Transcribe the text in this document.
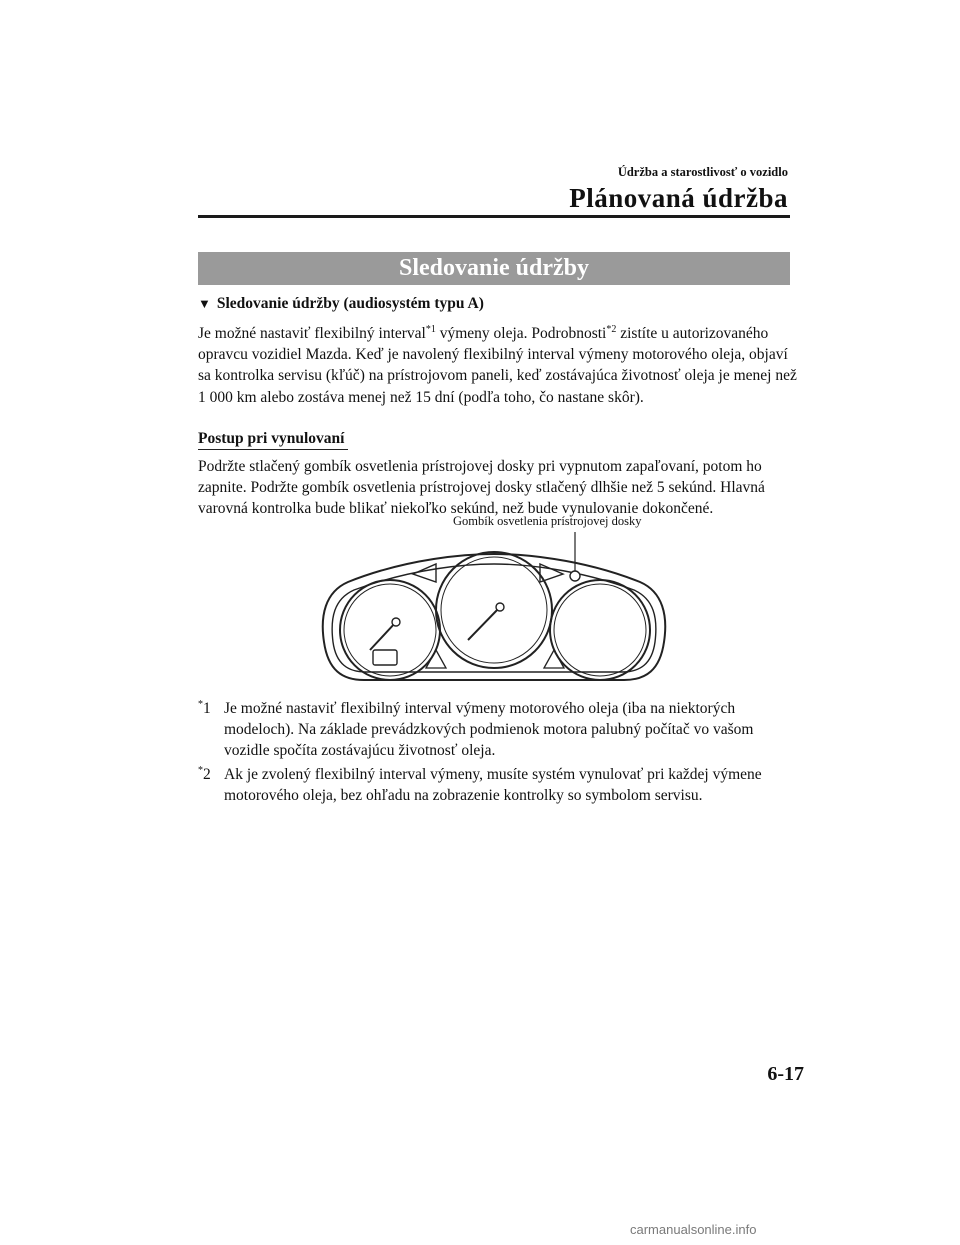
Údržba a starostlivosť o vozidlo
Plánovaná údržba
Sledovanie údržby
▼ Sledovanie údržby (audiosystém typu A)
Je možné nastaviť flexibilný interval$^{*1}$ výmeny oleja. Podrobnosti$^{*2}$ zistíte u autorizovaného opravcu vozidiel Mazda. Keď je navolený flexibilný interval výmeny motorového oleja, objaví sa kontrolka servisu (kľúč) na prístrojovom paneli, keď zostávajúca životnosť oleja je menej než 1 000 km alebo zostáva menej než 15 dní (podľa toho, čo nastane skôr).
Postup pri vynulovaní
Podržte stlačený gombík osvetlenia prístrojovej dosky pri vypnutom zapaľovaní, potom ho zapnite. Podržte gombík osvetlenia prístrojovej dosky stlačený dlhšie než 5 sekúnd. Hlavná varovná kontrolka bude blikať niekoľko sekúnd, než bude vynulovanie dokončené.
Gombík osvetlenia prístrojovej dosky
*1 Je možné nastaviť flexibilný interval výmeny motorového oleja (iba na niektorých modeloch). Na základe prevádzkových podmienok motora palubný počítač vo vašom vozidle spočíta zostávajúcu životnosť oleja.
*2 Ak je zvolený flexibilný interval výmeny, musíte systém vynulovať pri každej výmene motorového oleja, bez ohľadu na zobrazenie kontrolky so symbolom servisu.
6-17
carmanualsonline.info
